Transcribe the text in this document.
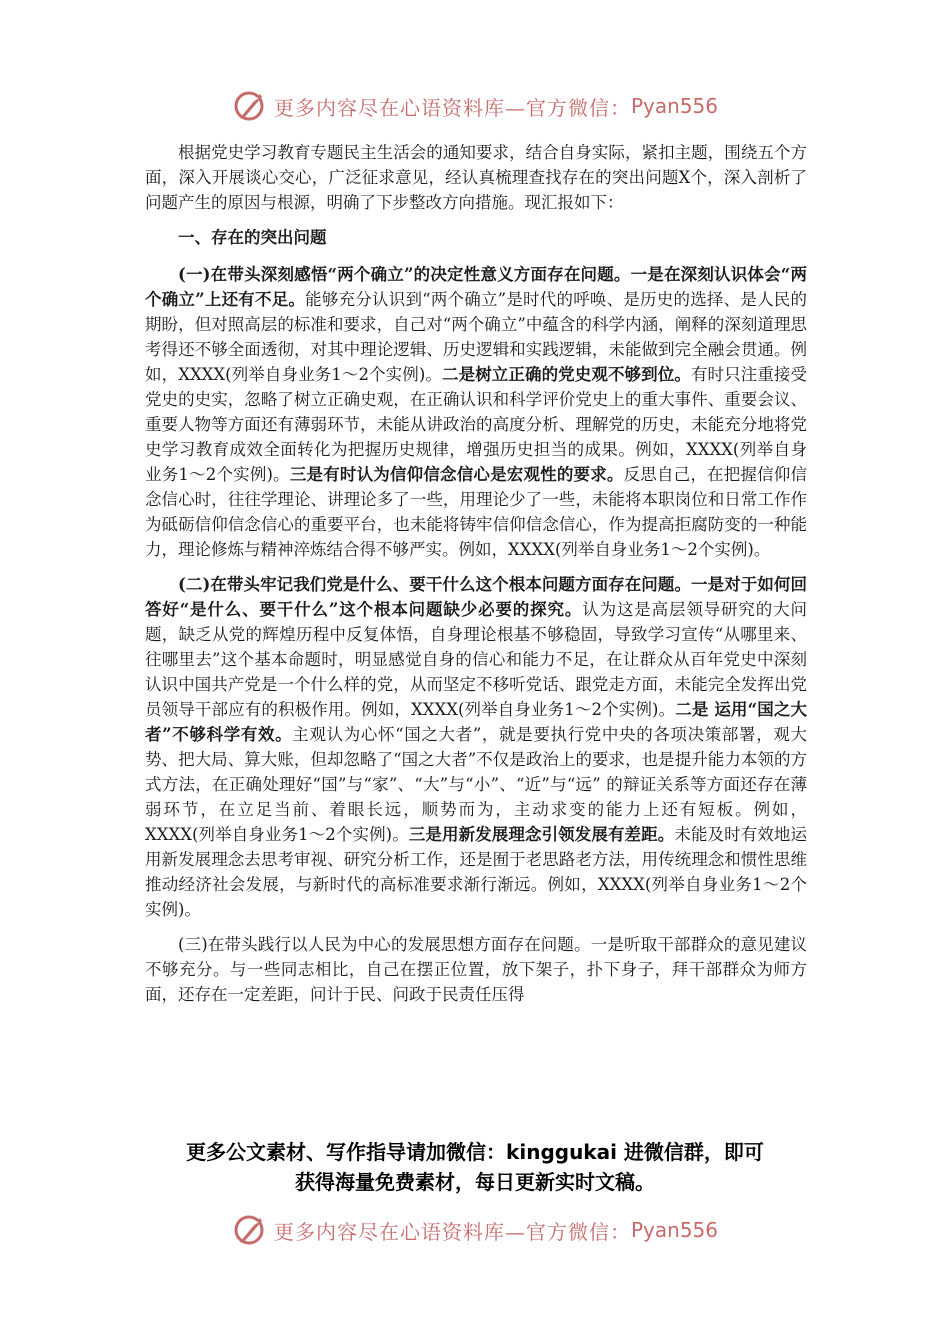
更多内容尽在心语资料库—官方微信： Pyan556

根据党史学习教育专题民主生活会的通知要求，结合自身实际，紧扣主题，围绕五个方面，深入开展谈心交心，广泛征求意见，经认真梳理查找存在的突出问题X个，深入剖析了问题产生的原因与根源，明确了下步整改方向措施。现汇报如下：

一、存在的突出问题

(一)在带头深刻感悟“两个确立”的决定性意义方面存在问题。一是在深刻认识体会“两个确立”上还有不足。能够充分认识到“两个确立”是时代的呼唤、是历史的选择、是人民的期盼，但对照高层的标准和要求，自己对“两个确立”中蕴含的科学内涵，阐释的深刻道理思考得还不够全面透彻，对其中理论逻辑、历史逻辑和实践逻辑，未能做到完全融会贯通。例如，XXXX(列举自身业务1～2个实例)。二是树立正确的党史观不够到位。有时只注重接受党史的史实，忽略了树立正确史观，在正确认识和科学评价党史上的重大事件、重要会议、重要人物等方面还有薄弱环节，未能从讲政治的高度分析、理解党的历史，未能充分地将党史学习教育成效全面转化为把握历史规律，增强历史担当的成果。例如，XXXX(列举自身业务1～2个实例)。三是有时认为信仰信念信心是宏观性的要求。反思自己，在把握信仰信念信心时，往往学理论、讲理论多了一些，用理论少了一些，未能将本职岗位和日常工作作为砥砺信仰信念信心的重要平台，也未能将铸牢信仰信念信心，作为提高拒腐防变的一种能力，理论修炼与精神淬炼结合得不够严实。例如，XXXX(列举自身业务1～2个实例)。

(二)在带头牢记我们党是什么、要干什么这个根本问题方面存在问题。一是对于如何回答好“是什么、要干什么”这个根本问题缺少必要的探究。认为这是高层领导研究的大问题，缺乏从党的辉煌历程中反复体悟，自身理论根基不够稳固，导致学习宣传“从哪里来、往哪里去”这个基本命题时，明显感觉自身的信心和能力不足，在让群众从百年党史中深刻认识中国共产党是一个什么样的党，从而坚定不移听党话、跟党走方面，未能完全发挥出党员领导干部应有的积极作用。例如，XXXX(列举自身业务1～2个实例)。二是 运用“国之大者”不够科学有效。主观认为心怀“国之大者”，就是要执行党中央的各项决策部署，观大势、把大局、算大账，但却忽略了“国之大者”不仅是政治上的要求，也是提升能力本领的方式方法，在正确处理好“国”与“家”、“大”与“小”、“近”与“远” 的辩证关系等方面还存在薄弱环节，在立足当前、着眼长远，顺势而为，主动求变的能力上还有短板。例如，XXXX(列举自身业务1～2个实例)。三是用新发展理念引领发展有差距。未能及时有效地运用新发展理念去思考审视、研究分析工作，还是囿于老思路老方法，用传统理念和惯性思维推动经济社会发展，与新时代的高标准要求渐行渐远。例如，XXXX(列举自身业务1～2个实例)。

(三)在带头践行以人民为中心的发展思想方面存在问题。一是听取干部群众的意见建议不够充分。与一些同志相比，自己在摆正位置，放下架子，扑下身子，拜干部群众为师方面，还存在一定差距，问计于民、问政于民责任压得

更多公文素材、写作指导请加微信：kinggukai 进微信群，即可
获得海量免费素材，每日更新实时文稿。
更多内容尽在心语资料库—官方微信： Pyan556
